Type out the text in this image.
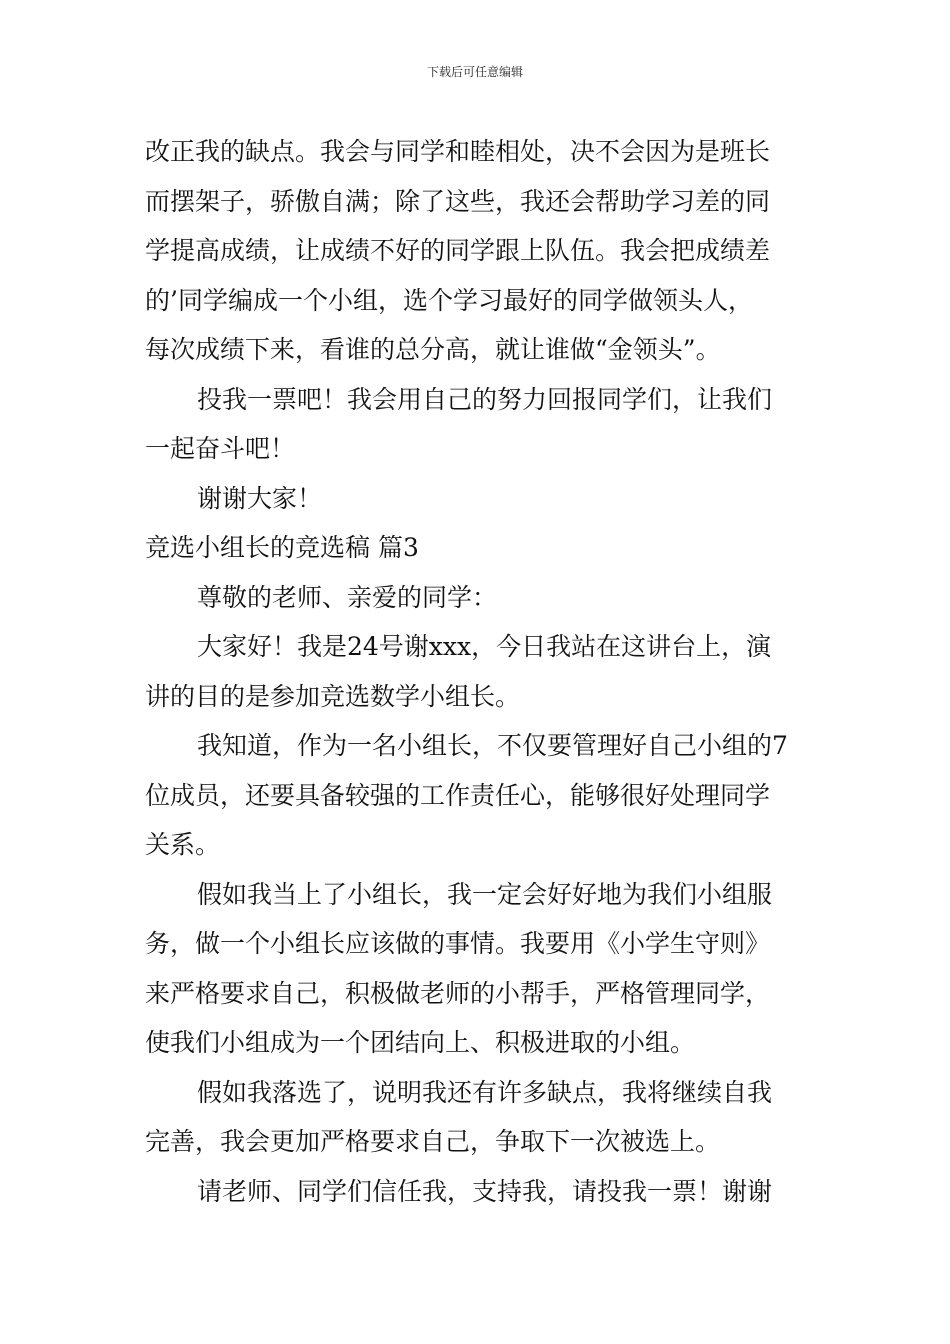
下载后可任意编辑
改正我的缺点。我会与同学和睦相处，决不会因为是班长
而摆架子，骄傲自满；除了这些，我还会帮助学习差的同
学提高成绩，让成绩不好的同学跟上队伍。我会把成绩差
的’同学编成一个小组，选个学习最好的同学做领头人，
每次成绩下来，看谁的总分高，就让谁做“金领头”。
投我一票吧！我会用自己的努力回报同学们，让我们
一起奋斗吧！
谢谢大家！
竞选小组长的竞选稿 篇3
尊敬的老师、亲爱的同学：
大家好！我是24号谢xxx，今日我站在这讲台上，演
讲的目的是参加竞选数学小组长。
我知道，作为一名小组长，不仅要管理好自己小组的7
位成员，还要具备较强的工作责任心，能够很好处理同学
关系。
假如我当上了小组长，我一定会好好地为我们小组服
务，做一个小组长应该做的事情。我要用《小学生守则》
来严格要求自己，积极做老师的小帮手，严格管理同学，
使我们小组成为一个团结向上、积极进取的小组。
假如我落选了，说明我还有许多缺点，我将继续自我
完善，我会更加严格要求自己，争取下一次被选上。
请老师、同学们信任我，支持我，请投我一票！谢谢
